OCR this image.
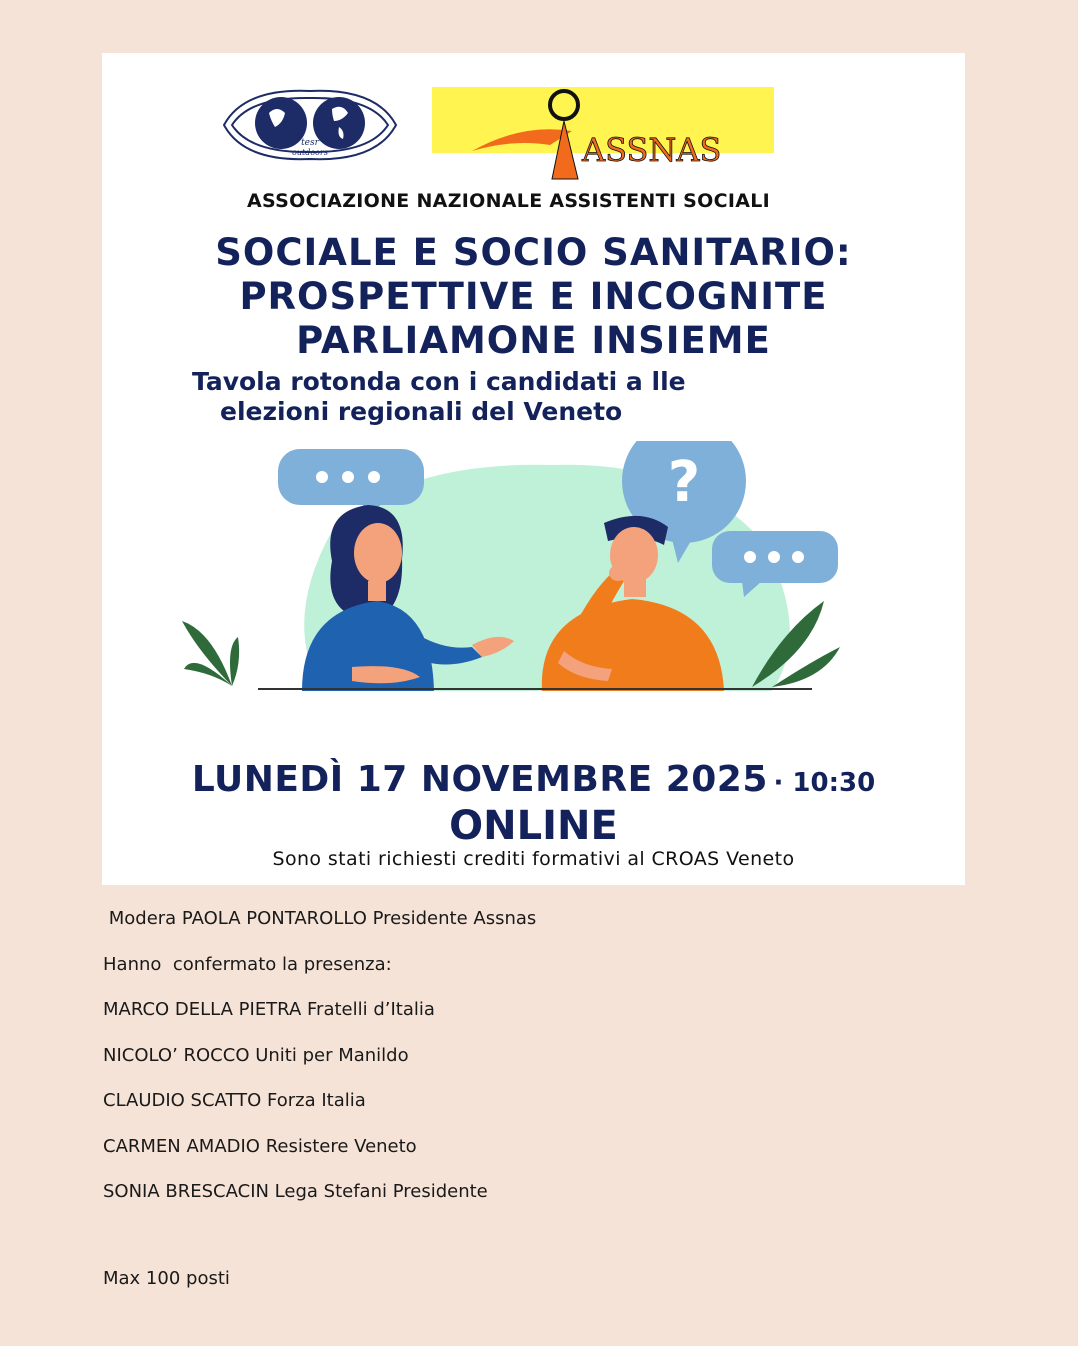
tesr
outdoors	ASSNAS
ASSOCIAZIONE NAZIONALE ASSISTENTI SOCIALI
SOCIALE E SOCIO SANITARIO:
PROSPETTIVE E INCOGNITE
PARLIAMONE INSIEME
Tavola rotonda con i candidati a lle
elezioni regionali del Veneto
?
LUNEDÌ 17 NOVEMBRE 2025 · 10:30
ONLINE
Sono stati richiesti crediti formativi al CROAS Veneto

Modera PAOLA PONTAROLLO Presidente Assnas

Hanno  confermato la presenza:

MARCO DELLA PIETRA Fratelli d’Italia

NICOLO’ ROCCO Uniti per Manildo

CLAUDIO SCATTO Forza Italia

CARMEN AMADIO Resistere Veneto

SONIA BRESCACIN Lega Stefani Presidente

Max 100 posti
